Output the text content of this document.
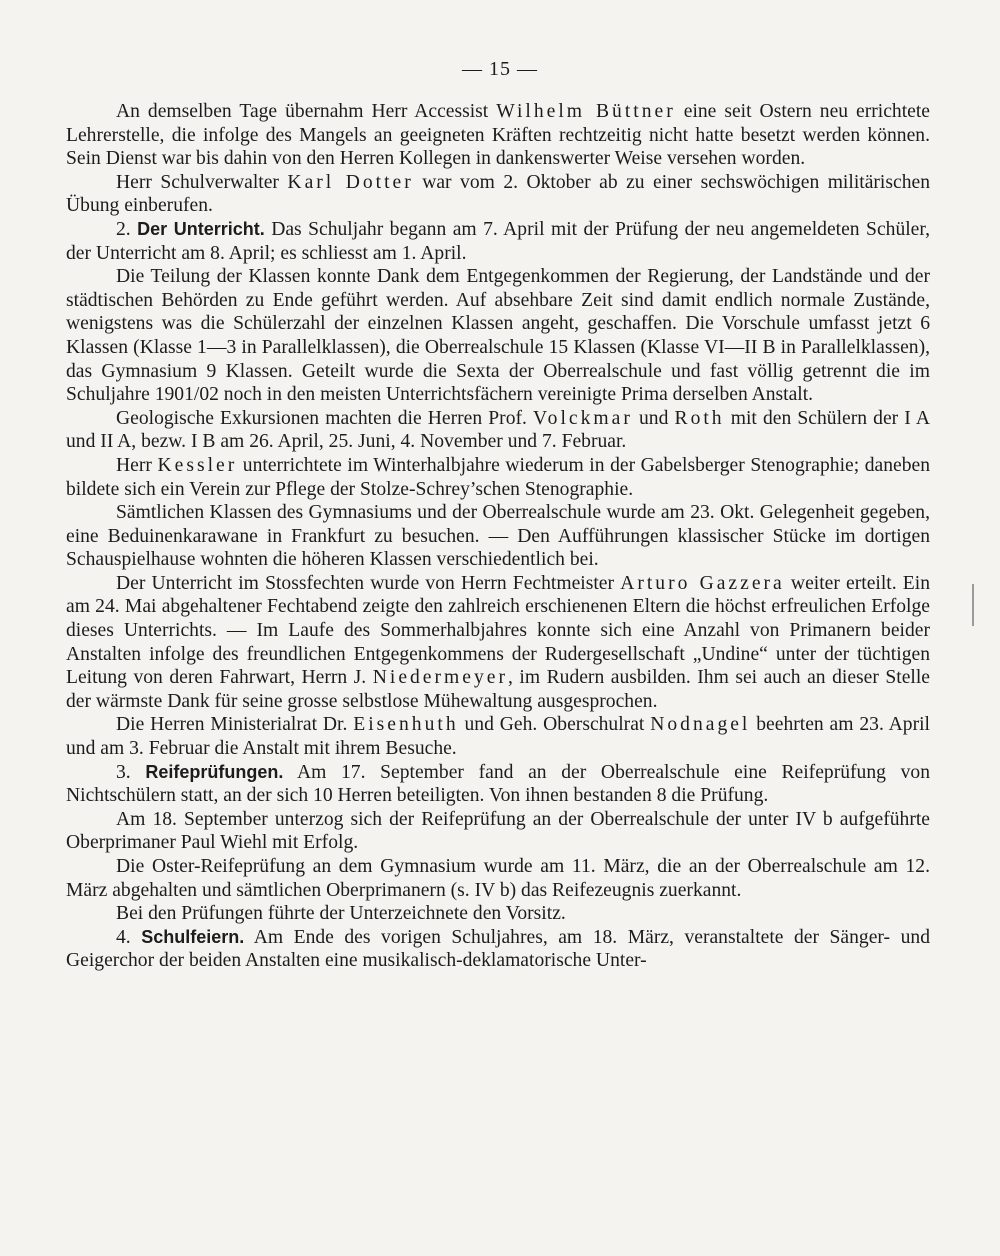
— 15 —

An demselben Tage übernahm Herr Accessist Wilhelm Büttner eine seit Ostern neu errichtete Lehrerstelle, die infolge des Mangels an geeigneten Kräften rechtzeitig nicht hatte besetzt werden können. Sein Dienst war bis dahin von den Herren Kollegen in dankenswerter Weise versehen worden.

Herr Schulverwalter Karl Dotter war vom 2. Oktober ab zu einer sechswöchigen militärischen Übung einberufen.

2. Der Unterricht. Das Schuljahr begann am 7. April mit der Prüfung der neu angemeldeten Schüler, der Unterricht am 8. April; es schliesst am 1. April.

Die Teilung der Klassen konnte Dank dem Entgegenkommen der Regierung, der Landstände und der städtischen Behörden zu Ende geführt werden. Auf absehbare Zeit sind damit endlich normale Zustände, wenigstens was die Schülerzahl der einzelnen Klassen angeht, geschaffen. Die Vorschule umfasst jetzt 6 Klassen (Klasse 1—3 in Parallelklassen), die Oberrealschule 15 Klassen (Klasse VI—II B in Parallelklassen), das Gymnasium 9 Klassen. Geteilt wurde die Sexta der Oberrealschule und fast völlig getrennt die im Schuljahre 1901/02 noch in den meisten Unterrichtsfächern vereinigte Prima derselben Anstalt.

Geologische Exkursionen machten die Herren Prof. Volckmar und Roth mit den Schülern der I A und II A, bezw. I B am 26. April, 25. Juni, 4. November und 7. Februar.

Herr Kessler unterrichtete im Winterhalbjahre wiederum in der Gabelsberger Stenographie; daneben bildete sich ein Verein zur Pflege der Stolze-Schrey’schen Stenographie.

Sämtlichen Klassen des Gymnasiums und der Oberrealschule wurde am 23. Okt. Gelegenheit gegeben, eine Beduinenkarawane in Frankfurt zu besuchen. — Den Aufführungen klassischer Stücke im dortigen Schauspielhause wohnten die höheren Klassen verschiedentlich bei.

Der Unterricht im Stossfechten wurde von Herrn Fechtmeister Arturo Gazzera weiter erteilt. Ein am 24. Mai abgehaltener Fechtabend zeigte den zahlreich erschienenen Eltern die höchst erfreulichen Erfolge dieses Unterrichts. — Im Laufe des Sommerhalbjahres konnte sich eine Anzahl von Primanern beider Anstalten infolge des freundlichen Entgegenkommens der Rudergesellschaft „Undine“ unter der tüchtigen Leitung von deren Fahrwart, Herrn J. Niedermeyer, im Rudern ausbilden. Ihm sei auch an dieser Stelle der wärmste Dank für seine grosse selbstlose Mühewaltung ausgesprochen.

Die Herren Ministerialrat Dr. Eisenhuth und Geh. Oberschulrat Nodnagel beehrten am 23. April und am 3. Februar die Anstalt mit ihrem Besuche.

3. Reifeprüfungen. Am 17. September fand an der Oberrealschule eine Reifeprüfung von Nichtschülern statt, an der sich 10 Herren beteiligten. Von ihnen bestanden 8 die Prüfung.

Am 18. September unterzog sich der Reifeprüfung an der Oberrealschule der unter IV b aufgeführte Oberprimaner Paul Wiehl mit Erfolg.

Die Oster-Reifeprüfung an dem Gymnasium wurde am 11. März, die an der Oberrealschule am 12. März abgehalten und sämtlichen Oberprimanern (s. IV b) das Reifezeugnis zuerkannt.

Bei den Prüfungen führte der Unterzeichnete den Vorsitz.

4. Schulfeiern. Am Ende des vorigen Schuljahres, am 18. März, veranstaltete der Sänger- und Geigerchor der beiden Anstalten eine musikalisch-deklamatorische Unter-
